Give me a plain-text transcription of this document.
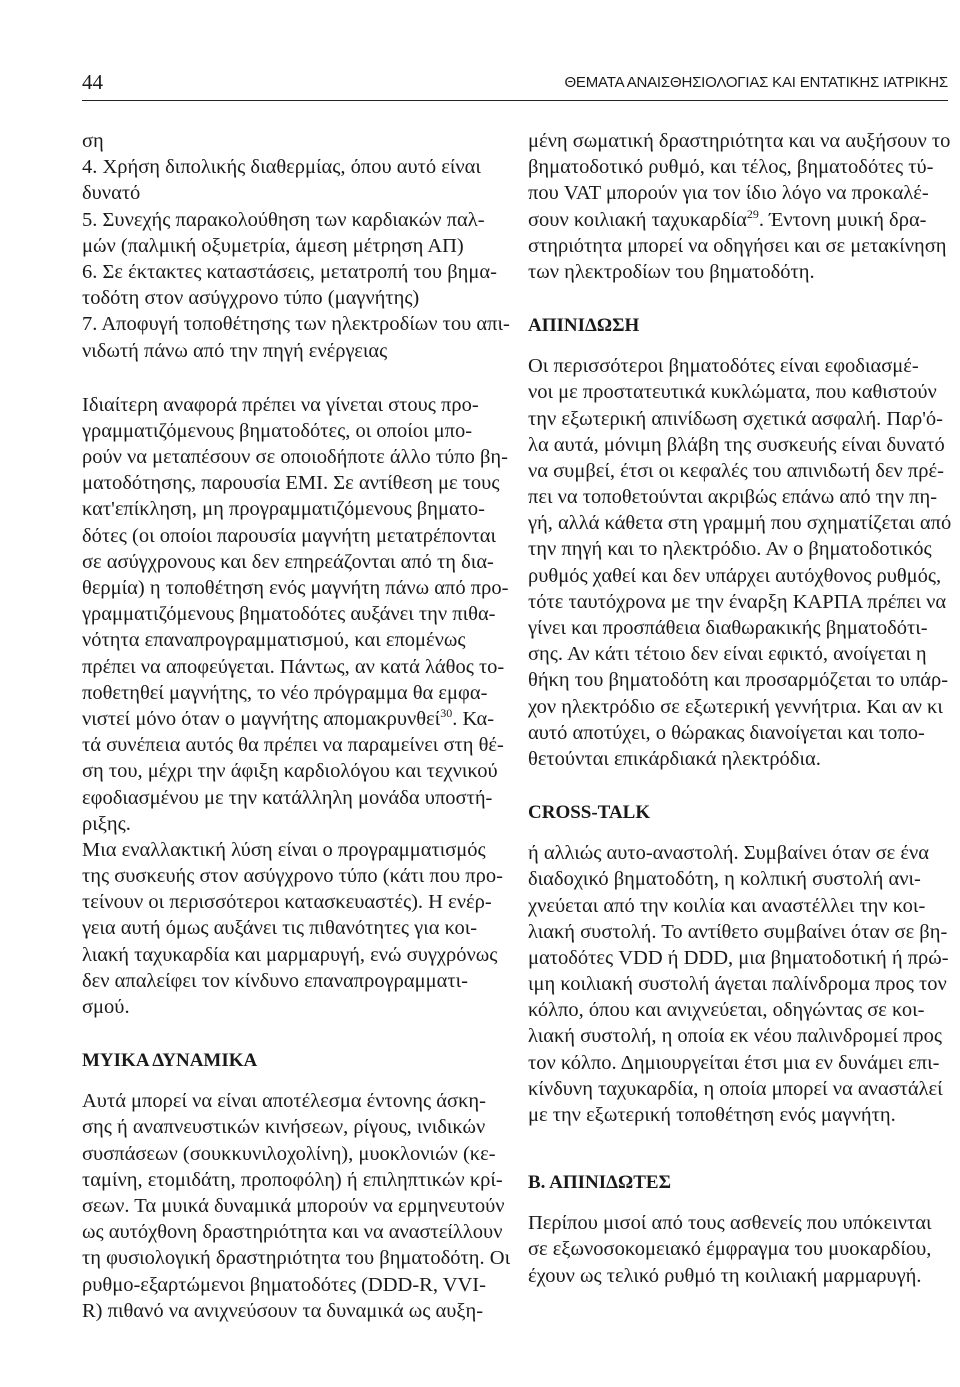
44	ΘΕΜΑΤΑ ΑΝΑΙΣΘΗΣΙΟΛΟΓΙΑΣ ΚΑΙ ΕΝΤΑΤΙΚΗΣ ΙΑΤΡΙΚΗΣ
ση
4. Χρήση διπολικής διαθερμίας, όπου αυτό είναι
δυνατό
5. Συνεχής παρακολούθηση των καρδιακών παλ-
μών (παλμική οξυμετρία, άμεση μέτρηση ΑΠ)
6. Σε έκτακτες καταστάσεις, μετατροπή του βημα-
τοδότη στον ασύγχρονο τύπο (μαγνήτης)
7. Αποφυγή τοποθέτησης των ηλεκτροδίων του απι-
νιδωτή πάνω από την πηγή ενέργειας
Ιδιαίτερη αναφορά πρέπει να γίνεται στους προ-
γραμματιζόμενους βηματοδότες, οι οποίοι μπο-
ρούν να μεταπέσουν σε οποιοδήποτε άλλο τύπο βη-
ματοδότησης, παρουσία ΕΜΙ. Σε αντίθεση με τους
κατ'επίκληση, μη προγραμματιζόμενους βηματο-
δότες (οι οποίοι παρουσία μαγνήτη μετατρέπονται
σε ασύγχρονους και δεν επηρεάζονται από τη δια-
θερμία) η τοποθέτηση ενός μαγνήτη πάνω από προ-
γραμματιζόμενους βηματοδότες αυξάνει την πιθα-
νότητα επαναπρογραμματισμού, και επομένως
πρέπει να αποφεύγεται. Πάντως, αν κατά λάθος το-
ποθετηθεί μαγνήτης, το νέο πρόγραμμα θα εμφα-
νιστεί μόνο όταν ο μαγνήτης απομακρυνθεί$^{30}$. Κα-
τά συνέπεια αυτός θα πρέπει να παραμείνει στη θέ-
ση του, μέχρι την άφιξη καρδιολόγου και τεχνικού
εφοδιασμένου με την κατάλληλη μονάδα υποστή-
ριξης.
Μια εναλλακτική λύση είναι ο προγραμματισμός
της συσκευής στον ασύγχρονο τύπο (κάτι που προ-
τείνουν οι περισσότεροι κατασκευαστές). Η ενέρ-
γεια αυτή όμως αυξάνει τις πιθανότητες για κοι-
λιακή ταχυκαρδία και μαρμαρυγή, ενώ συγχρόνως
δεν απαλείφει τον κίνδυνο επαναπρογραμματι-
σμού.
ΜΥΙΚΑ ΔΥΝΑΜΙΚΑ
Αυτά μπορεί να είναι αποτέλεσμα έντονης άσκη-
σης ή αναπνευστικών κινήσεων, ρίγους, ινιδικών
συσπάσεων (σουκκυνιλοχολίνη), μυοκλονιών (κε-
ταμίνη, ετομιδάτη, προποφόλη) ή επιληπτικών κρί-
σεων. Τα μυικά δυναμικά μπορούν να ερμηνευτούν
ως αυτόχθονη δραστηριότητα και να αναστείλλουν
τη φυσιολογική δραστηριότητα του βηματοδότη. Οι
ρυθμο-εξαρτώμενοι βηματοδότες (DDD-R, VVI-
R) πιθανό να ανιχνεύσουν τα δυναμικά ως αυξη-
μένη σωματική δραστηριότητα και να αυξήσουν το
βηματοδοτικό ρυθμό, και τέλος, βηματοδότες τύ-
που VAT μπορούν για τον ίδιο λόγο να προκαλέ-
σουν κοιλιακή ταχυκαρδία$^{29}$. Έντονη μυική δρα-
στηριότητα μπορεί να οδηγήσει και σε μετακίνηση
των ηλεκτροδίων του βηματοδότη.
ΑΠΙΝΙΔΩΣΗ
Οι περισσότεροι βηματοδότες είναι εφοδιασμέ-
νοι με προστατευτικά κυκλώματα, που καθιστούν
την εξωτερική απινίδωση σχετικά ασφαλή. Παρ'ό-
λα αυτά, μόνιμη βλάβη της συσκευής είναι δυνατό
να συμβεί, έτσι οι κεφαλές του απινιδωτή δεν πρέ-
πει να τοποθετούνται ακριβώς επάνω από την πη-
γή, αλλά κάθετα στη γραμμή που σχηματίζεται από
την πηγή και το ηλεκτρόδιο. Αν ο βηματοδοτικός
ρυθμός χαθεί και δεν υπάρχει αυτόχθονος ρυθμός,
τότε ταυτόχρονα με την έναρξη ΚΑΡΠΑ πρέπει να
γίνει και προσπάθεια διαθωρακικής βηματοδότι-
σης. Αν κάτι τέτοιο δεν είναι εφικτό, ανοίγεται η
θήκη του βηματοδότη και προσαρμόζεται το υπάρ-
χον ηλεκτρόδιο σε εξωτερική γεννήτρια. Και αν κι
αυτό αποτύχει, ο θώρακας διανοίγεται και τοπο-
θετούνται επικάρδιακά ηλεκτρόδια.
CROSS-TALK
ή αλλιώς αυτο-αναστολή. Συμβαίνει όταν σε ένα
διαδοχικό βηματοδότη, η κολπική συστολή ανι-
χνεύεται από την κοιλία και αναστέλλει την κοι-
λιακή συστολή. Το αντίθετο συμβαίνει όταν σε βη-
ματοδότες VDD ή DDD, μια βηματοδοτική ή πρώ-
ιμη κοιλιακή συστολή άγεται παλίνδρομα προς τον
κόλπο, όπου και ανιχνεύεται, οδηγώντας σε κοι-
λιακή συστολή, η οποία εκ νέου παλινδρομεί προς
τον κόλπο. Δημιουργείται έτσι μια εν δυνάμει επι-
κίνδυνη ταχυκαρδία, η οποία μπορεί να αναστάλεί
με την εξωτερική τοποθέτηση ενός μαγνήτη.
Β. ΑΠΙΝΙΔΩΤΕΣ
Περίπου μισοί από τους ασθενείς που υπόκεινται
σε εξωνοσοκομειακό έμφραγμα του μυοκαρδίου,
έχουν ως τελικό ρυθμό τη κοιλιακή μαρμαρυγή.
